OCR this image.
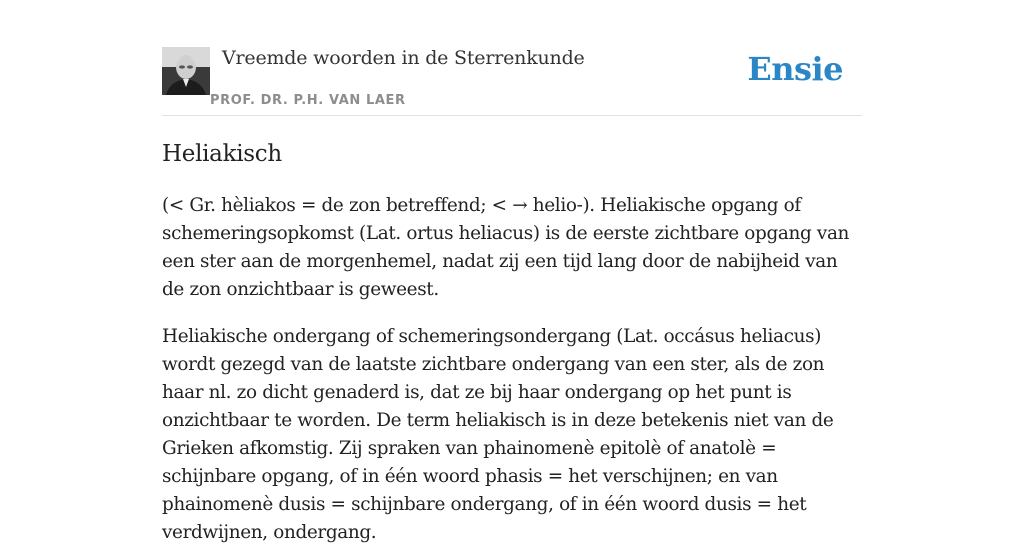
Vreemde woorden in de Sterrenkunde
PROF. DR. P.H. VAN LAER
Ensie
Heliakisch

(< Gr. hèliakos = de zon betreffend; < → helio-). Heliakische opgang of schemeringsopkomst (Lat. ortus heliacus) is de eerste zichtbare opgang van een ster aan de morgenhemel, nadat zij een tijd lang door de nabijheid van de zon onzichtbaar is geweest.

Heliakische ondergang of schemeringsondergang (Lat. occásus heliacus) wordt gezegd van de laatste zichtbare ondergang van een ster, als de zon haar nl. zo dicht genaderd is, dat ze bij haar ondergang op het punt is onzichtbaar te worden. De term heliakisch is in deze betekenis niet van de Grieken afkomstig. Zij spraken van phainomenè epitolè of anatolè = schijnbare opgang, of in één woord phasis = het verschijnen; en van phainomenè dusis = schijnbare ondergang, of in één woord dusis = het verdwijnen, ondergang.
